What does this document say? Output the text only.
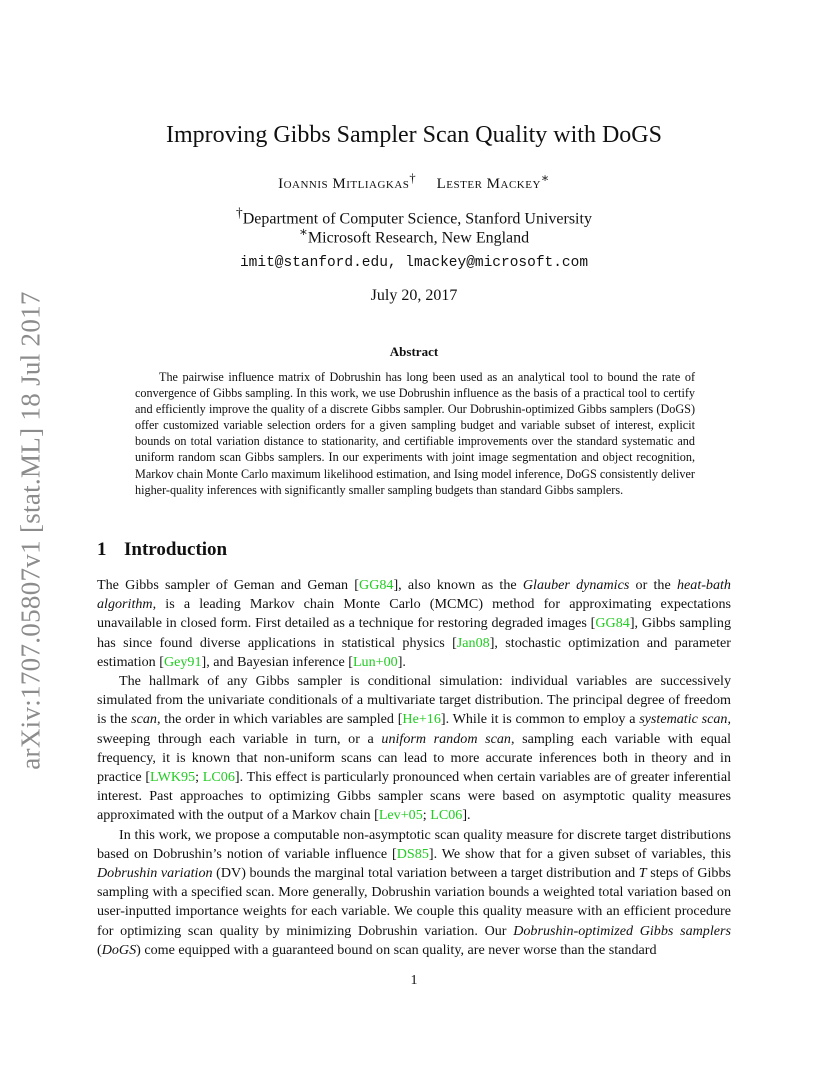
arXiv:1707.05807v1 [stat.ML] 18 Jul 2017
Improving Gibbs Sampler Scan Quality with DoGS
Ioannis Mitliagkas† Lester Mackey∗
†Department of Computer Science, Stanford University
∗Microsoft Research, New England
imit@stanford.edu, lmackey@microsoft.com
July 20, 2017
Abstract
The pairwise influence matrix of Dobrushin has long been used as an analytical tool to bound the rate of convergence of Gibbs sampling. In this work, we use Dobrushin influence as the basis of a practical tool to certify and efficiently improve the quality of a discrete Gibbs sampler. Our Dobrushin-optimized Gibbs samplers (DoGS) offer customized variable selection orders for a given sampling budget and variable subset of interest, explicit bounds on total variation distance to stationarity, and certifiable improvements over the standard systematic and uniform random scan Gibbs samplers. In our experiments with joint image segmentation and object recognition, Markov chain Monte Carlo maximum likelihood estimation, and Ising model inference, DoGS consistently deliver higher-quality inferences with significantly smaller sampling budgets than standard Gibbs samplers.
1 Introduction

The Gibbs sampler of Geman and Geman [GG84], also known as the Glauber dynamics or the heat-bath algorithm, is a leading Markov chain Monte Carlo (MCMC) method for approximating expectations unavailable in closed form. First detailed as a technique for restoring degraded images [GG84], Gibbs sampling has since found diverse applications in statistical physics [Jan08], stochastic optimization and parameter estimation [Gey91], and Bayesian inference [Lun+00].

The hallmark of any Gibbs sampler is conditional simulation: individual variables are successively simulated from the univariate conditionals of a multivariate target distribution. The principal degree of freedom is the scan, the order in which variables are sampled [He+16]. While it is common to employ a systematic scan, sweeping through each variable in turn, or a uniform random scan, sampling each variable with equal frequency, it is known that non-uniform scans can lead to more accurate inferences both in theory and in practice [LWK95; LC06]. This effect is particularly pronounced when certain variables are of greater inferential interest. Past approaches to optimizing Gibbs sampler scans were based on asymptotic quality measures approximated with the output of a Markov chain [Lev+05; LC06].

In this work, we propose a computable non-asymptotic scan quality measure for discrete target distributions based on Dobrushin’s notion of variable influence [DS85]. We show that for a given subset of variables, this Dobrushin variation (DV) bounds the marginal total variation between a target distribution and T steps of Gibbs sampling with a specified scan. More generally, Dobrushin variation bounds a weighted total variation based on user-inputted importance weights for each variable. We couple this quality measure with an efficient procedure for optimizing scan quality by minimizing Dobrushin variation. Our Dobrushin-optimized Gibbs samplers (DoGS) come equipped with a guaranteed bound on scan quality, are never worse than the standard

1
